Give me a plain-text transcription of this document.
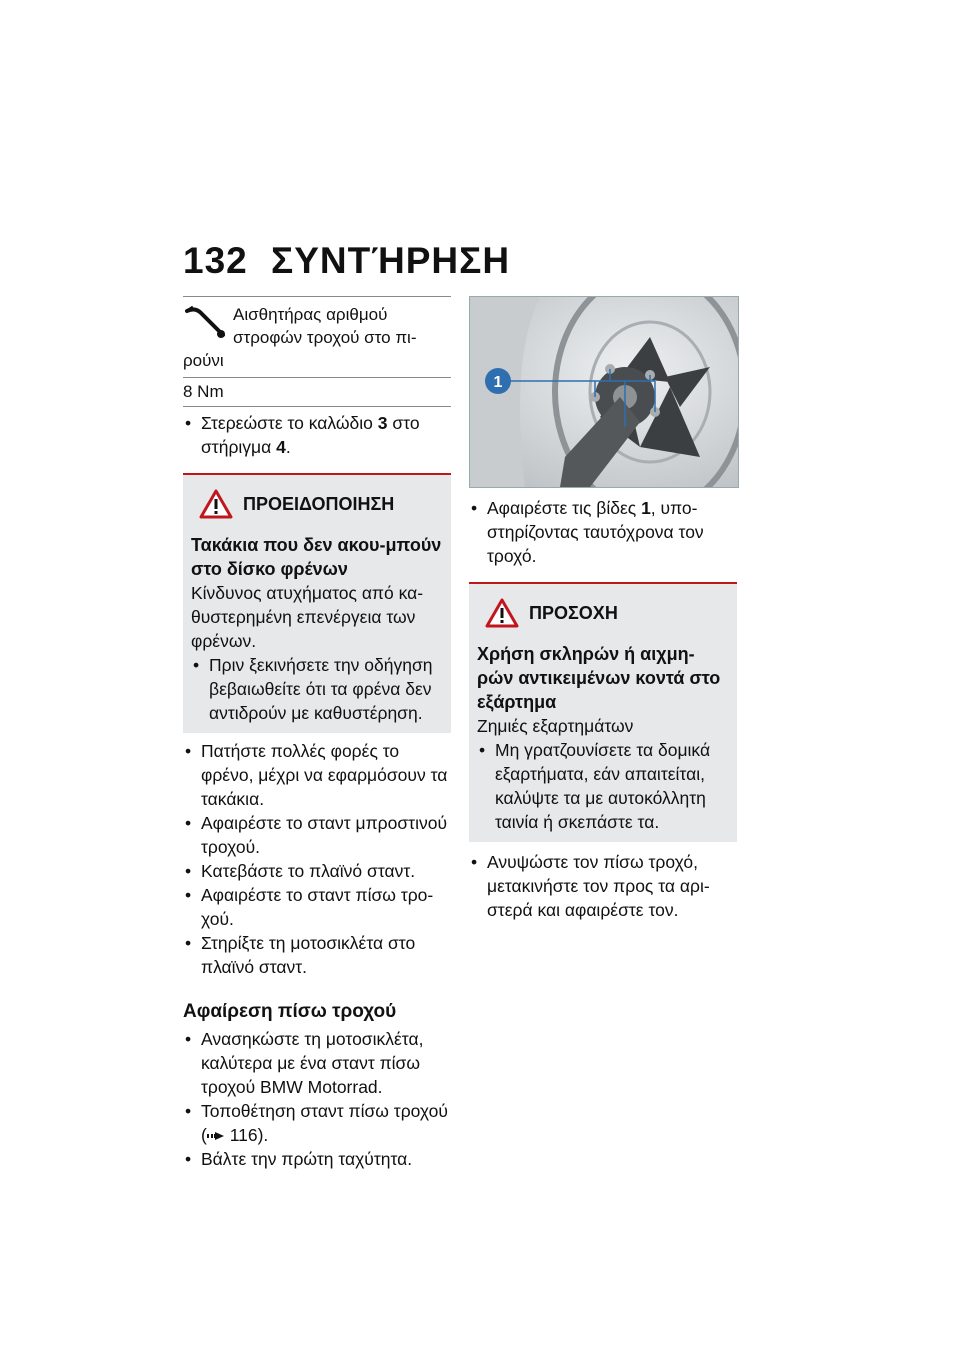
132 ΣΥΝΤΉΡΗΣΗ
Αισθητήρας αριθμού
στροφών τροχού στο πι-
ρούνι
8 Nm
• Στερεώστε το καλώδιο 3 στο στήριγμα 4.
ΠΡΟΕΙΔΟΠΟΙΗΣΗ
Τακάκια που δεν ακου-μπούν στο δίσκο φρένων
Κίνδυνος ατυχήματος από κα-θυστερημένη επενέργεια των φρένων.
• Πριν ξεκινήσετε την οδήγηση βεβαιωθείτε ότι τα φρένα δεν αντιδρούν με καθυστέρηση.
• Πατήστε πολλές φορές το φρένο, μέχρι να εφαρμόσουν τα τακάκια.
• Αφαιρέστε το σταντ μπροστινού τροχού.
• Κατεβάστε το πλαϊνό σταντ.
• Αφαιρέστε το σταντ πίσω τρο-χού.
• Στηρίξτε τη μοτοσικλέτα στο πλαϊνό σταντ.
Αφαίρεση πίσω τροχού
• Ανασηκώστε τη μοτοσικλέτα, καλύτερα με ένα σταντ πίσω τροχού BMW Motorrad.
• Τοποθέτηση σταντ πίσω τροχού
( 116).
• Βάλτε την πρώτη ταχύτητα.
1
• Αφαιρέστε τις βίδες 1, υπο-στηρίζοντας ταυτόχρονα τον τροχό.
ΠΡΟΣΟΧΗ
Χρήση σκληρών ή αιχμη-ρών αντικειμένων κοντά στο εξάρτημα
Ζημιές εξαρτημάτων
• Μη γρατζουνίσετε τα δομικά εξαρτήματα, εάν απαιτείται, καλύψτε τα με αυτοκόλλητη ταινία ή σκεπάστε τα.
• Ανυψώστε τον πίσω τροχό, μετακινήστε τον προς τα αρι-στερά και αφαιρέστε τον.
